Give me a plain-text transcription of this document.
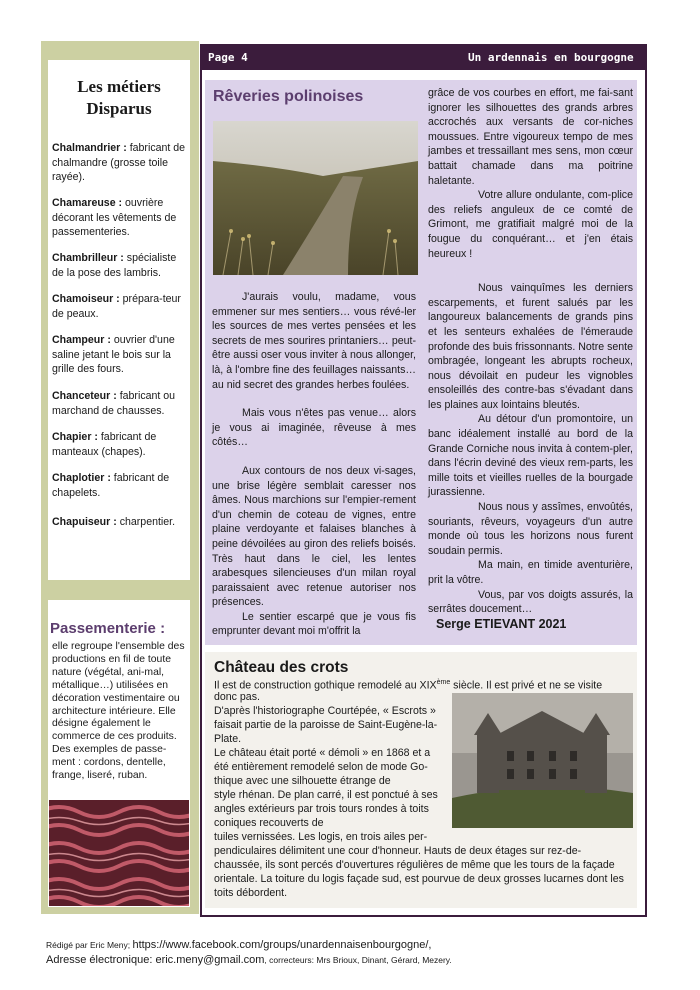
Les métiers
Disparus
Chalmandrier : fabricant de chalmandre (grosse toile rayée).
Chamareuse : ouvrière décorant les vêtements de passementeries.
Chambrilleur : spécialiste de la pose des lambris.
Chamoiseur : prépara-teur de peaux.
Champeur : ouvrier d'une saline jetant le bois sur la grille des fours.
Chanceteur : fabricant ou marchand de chausses.
Chapier : fabricant de manteaux (chapes).
Chaplotier : fabricant de chapelets.
Chapuiseur : charpentier.
Passementerie :
elle regroupe l'ensemble des productions en fil de toute nature (végétal, ani-mal, métallique…) utilisées en décoration vestimentaire ou architecture intérieure. Elle désigne également le commerce de ces produits. Des exemples de passe-ment : cordons, dentelle, frange, liseré, ruban.
Page 4	Un ardennais en bourgogne
Rêveries polinoises

J'aurais voulu, madame, vous emmener sur mes sentiers… vous révé-ler les sources de mes vertes pensées et les secrets de mes sourires printaniers… peut-être aussi oser vous inviter à nous allonger, là, à l'ombre fine des feuillages naissants… au nid secret des grandes herbes foulées.

Mais vous n'êtes pas venue… alors je vous ai imaginée, rêveuse à mes côtés…

Aux contours de nos deux vi-sages, une brise légère semblait caresser nos âmes. Nous marchions sur l'empier-rement d'un chemin de coteau de vignes, entre plaine verdoyante et falaises blanches à peine dévoilées au giron des reliefs boisés. Très haut dans le ciel, les lentes arabesques silencieuses d'un milan royal paraissaient avec retenue autoriser nos présences.

Le sentier escarpé que je vous fis emprunter devant moi m'offrit la

grâce de vos courbes en effort, me fai-sant ignorer les silhouettes des grands arbres accrochés aux versants de cor-niches moussues. Entre vigoureux tempo de mes jambes et tressaillant mes sens, mon cœur battait chamade dans ma poitrine haletante.

Votre allure ondulante, com-plice des reliefs anguleux de ce comté de Grimont, me gratifiait malgré moi de la fougue du conquérant… et j'en étais heureux !

Nous vainquîmes les derniers escarpements, et furent salués par les langoureux balancements de grands pins et les senteurs exhalées de l'émeraude profonde des buis frissonnants. Notre sente ombragée, longeant les abrupts rocheux, nous dévoilait en pudeur les vignobles ensoleillés des contre-bas s'évadant dans les plaines aux lointains bleutés.

Au détour d'un promontoire, un banc idéalement installé au bord de la Grande Corniche nous invita à contem-pler, dans l'écrin deviné des vieux rem-parts, les mille toits et vieilles ruelles de la bourgade jurassienne.

Nous nous y assîmes, envoûtés, souriants, rêveurs, voyageurs d'un autre monde où tous les horizons nous furent soudain permis.

Ma main, en timide aventurière, prit la vôtre.

Vous, par vos doigts assurés, la serrâtes doucement…

Serge ETIEVANT 2021
Château des crots
Il est de construction gothique remodelé au XIXème siècle. Il est privé et ne se visite
donc pas.
D'après l'historiographe Courtépée, « Escrots »
faisait partie de la paroisse de Saint-Eugène-la-
Plate.
Le château était porté « démoli » en 1868 et a
été entièrement remodelé selon de mode Go-
thique avec une silhouette étrange de
style rhénan. De plan carré, il est ponctué à ses
angles extérieurs par trois tours rondes à toits
coniques recouverts de
tuiles vernissées. Les logis, en trois ailes per-
pendiculaires délimitent une cour d'honneur. Hauts de deux étages sur rez-de-
chaussée, ils sont percés d'ouvertures régulières de même que les tours de la façade
orientale. La toiture du logis façade sud, est pourvue de deux grosses lucarnes dont les
toits débordent.
Rédigé par Eric Meny; https://www.facebook.com/groups/unardennaisenbourgogne/,
Adresse électronique: eric.meny@gmail.com, correcteurs: Mrs Brioux, Dinant, Gérard, Mezery.
